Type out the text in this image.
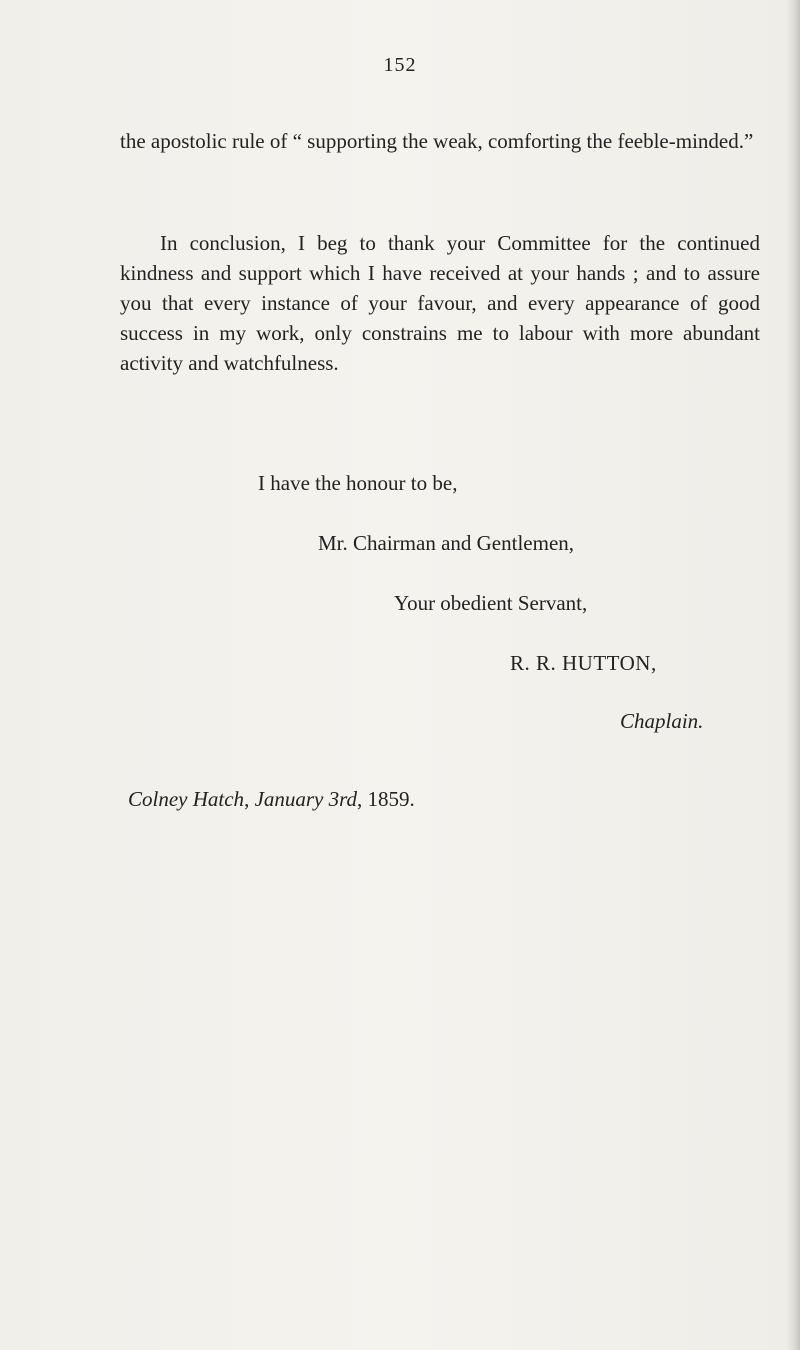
152

the apostolic rule of “ supporting the weak, comforting the feeble-minded.”

In conclusion, I beg to thank your Committee for the continued kindness and support which I have received at your hands ; and to assure you that every instance of your favour, and every appearance of good success in my work, only constrains me to labour with more abundant activity and watchfulness.

I have the honour to be,
Mr. Chairman and Gentlemen,
Your obedient Servant,
R. R. HUTTON,
Chaplain.
Colney Hatch, January 3rd, 1859.
